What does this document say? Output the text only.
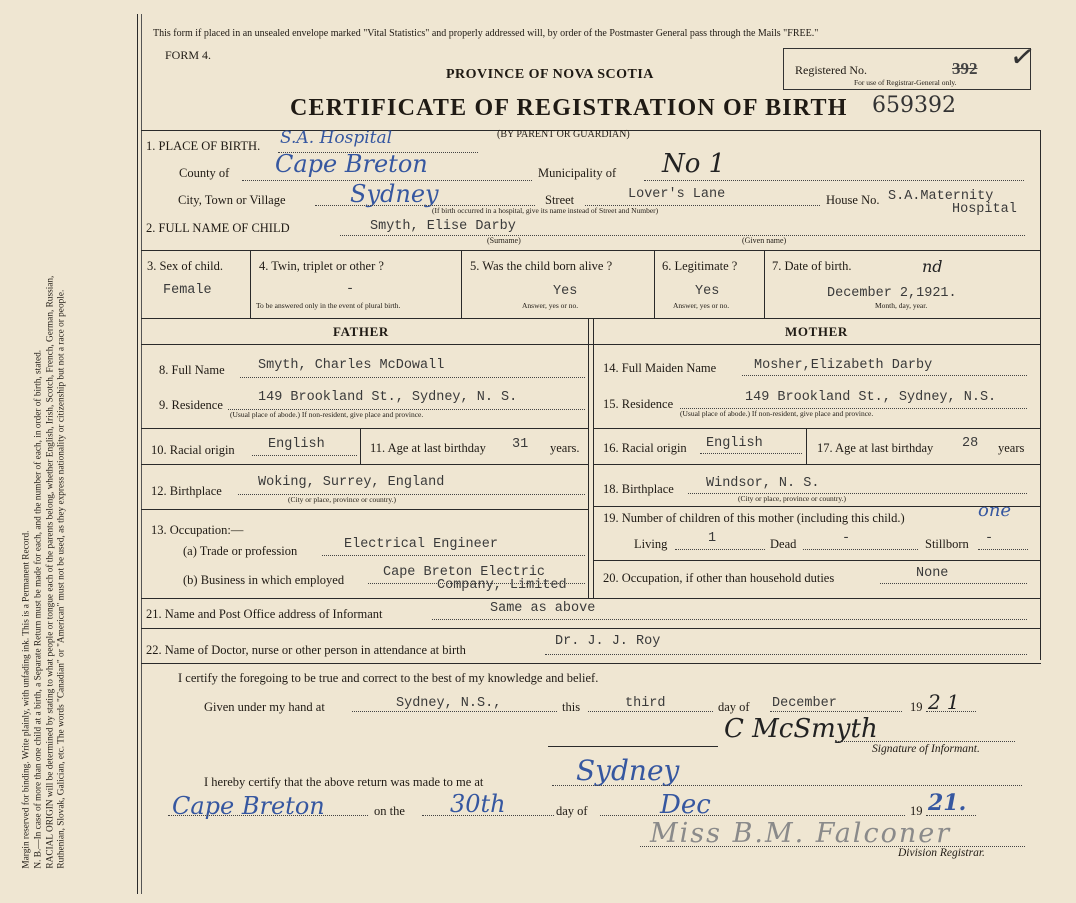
Margin reserved for binding. Write plainly, with unfading ink. This is a Permanent Record. N. B.—In case of more than one child at a birth, a Separate Return must be made for each, and the number of each, in order of birth, stated. RACIAL ORIGIN will be determined by stating to what people or tongue each of the parents belong, whether English, Irish, Scotch, French, German, Russian, Ruthenian, Slovak, Galician, etc. The words "Canadian" or "American" must not be used, as they express nationality or citizenship but not a race or people.
This form if placed in an unsealed envelope marked "Vital Statistics" and properly addressed will, by order of the Postmaster General pass through the Mails "FREE."
FORM 4.
PROVINCE OF NOVA SCOTIA
CERTIFICATE OF REGISTRATION OF BIRTH 659392
Registered No.	392
For use of Registrar-General only.
✓
1. PLACE OF BIRTH. S.A. Hospital	(BY PARENT OR GUARDIAN)
County of Cape Breton	Municipality of No 1
City, Town or Village	Sydney	Street	Lover's Lane	House No. S.A.Maternity
Hospital
(If birth occurred in a hospital, give its name instead of Street and Number)
2. FULL NAME OF CHILD	Smyth, Elise Darby
(Surname)	(Given name)
3. Sex of child.
Female
4. Twin, triplet or other ?
-
To be answered only in the event of plural birth.
5. Was the child born alive ?
Yes
Answer, yes or no.
6. Legitimate ?
Yes
Answer, yes or no.
7. Date of birth.
December 2,1921.
nd
Month, day, year.
FATHER	MOTHER
8. Full Name Smyth, Charles McDowall
9. Residence	149 Brookland St., Sydney, N. S.
(Usual place of abode.) If non-resident, give place and province.
10. Racial origin English	11. Age at last birthday 31 years.
12. Birthplace
Woking, Surrey, England
(City or place, province or country.)
13. Occupation:—
(a) Trade or profession	Electrical Engineer
(b) Business in which employed	Cape Breton Electric
Company, Limited
14. Full Maiden Name	Mosher,Elizabeth Darby
15. Residence	149 Brookland St., Sydney, N.S.
(Usual place of abode.) If non-resident, give place and province.
16. Racial origin English	17. Age at last birthday 28 years
18. Birthplace Windsor, N. S.
(City or place, province or country.)
19. Number of children of this mother (including this child.)	one
Living	1	Dead	-	Stillborn -
20. Occupation, if other than household duties	None
21. Name and Post Office address of Informant	Same as above
22. Name of Doctor, nurse or other person in attendance at birth
Dr. J. J. Roy
I certify the foregoing to be true and correct to the best of my knowledge and belief.
Given under my hand at	Sydney, N.S.,	this	third	day of December	19 21
C McSmyth
Signature of Informant.
I hereby certify that the above return was made to me at	Sydney
Cape Breton	on the 30th	day of	Dec	19 21.
Miss B.M. Falconer
Division Registrar.
